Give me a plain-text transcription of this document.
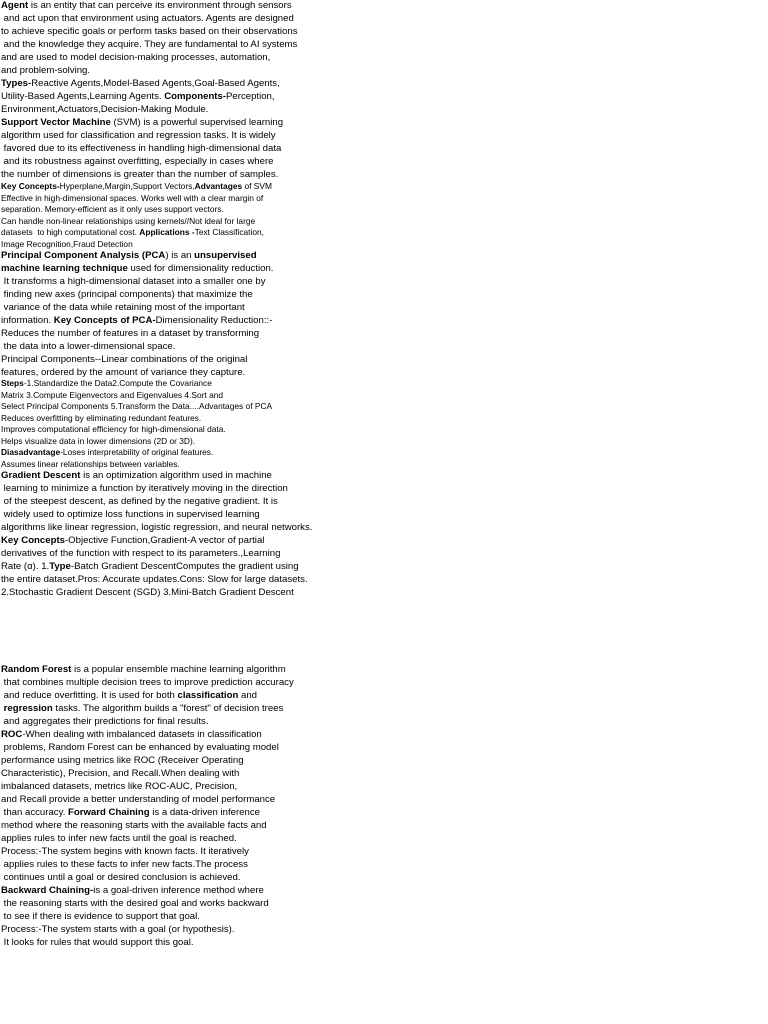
Agent is an entity that can perceive its environment through sensors
and act upon that environment using actuators. Agents are designed
to achieve specific goals or perform tasks based on their observations
and the knowledge they acquire. They are fundamental to AI systems
and are used to model decision-making processes, automation,
and problem-solving.
Types-Reactive Agents,Model-Based Agents,Goal-Based Agents,
Utility-Based Agents,Learning Agents. Components-Perception,
Environment,Actuators,Decision-Making Module.
Support Vector Machine (SVM) is a powerful supervised learning
algorithm used for classification and regression tasks. It is widely
favored due to its effectiveness in handling high-dimensional data
and its robustness against overfitting, especially in cases where
the number of dimensions is greater than the number of samples.
Key Concepts-Hyperplane,Margin,Support Vectors,Advantages of SVM
Effective in high-dimensional spaces. Works well with a clear margin of
separation. Memory-efficient as it only uses support vectors.
Can handle non-linear relationships using kernels//Not ideal for large
datasets  to high computational cost. Applications -Text Classification,
Image Recognition,Fraud Detection
Principal Component Analysis (PCA) is an unsupervised
machine learning technique used for dimensionality reduction.
It transforms a high-dimensional dataset into a smaller one by
finding new axes (principal components) that maximize the
variance of the data while retaining most of the important
information. Key Concepts of PCA-Dimensionality Reduction::-
Reduces the number of features in a dataset by transforming
the data into a lower-dimensional space.
Principal Components--Linear combinations of the original
features, ordered by the amount of variance they capture.
Steps-1.Standardize the Data2.Compute the Covariance
Matrix 3.Compute Eigenvectors and Eigenvalues 4.Sort and
Select Principal Components 5.Transform the Data....Advantages of PCA
Reduces overfitting by eliminating redundant features.
Improves computational efficiency for high-dimensional data.
Helps visualize data in lower dimensions (2D or 3D).
Diasadvantage-Loses interpretability of original features.
Assumes linear relationships between variables.
Gradient Descent is an optimization algorithm used in machine
learning to minimize a function by iteratively moving in the direction
of the steepest descent, as defined by the negative gradient. It is
widely used to optimize loss functions in supervised learning
algorithms like linear regression, logistic regression, and neural networks.
Key Concepts-Objective Function,Gradient-A vector of partial
derivatives of the function with respect to its parameters.,Learning
Rate (α). 1.Type-Batch Gradient DescentComputes the gradient using
the entire dataset.Pros: Accurate updates.Cons: Slow for large datasets.
2.Stochastic Gradient Descent (SGD) 3.Mini-Batch Gradient Descent
Random Forest is a popular ensemble machine learning algorithm
that combines multiple decision trees to improve prediction accuracy
and reduce overfitting. It is used for both classification and
regression tasks. The algorithm builds a "forest" of decision trees
and aggregates their predictions for final results.
ROC-When dealing with imbalanced datasets in classification
problems, Random Forest can be enhanced by evaluating model
performance using metrics like ROC (Receiver Operating
Characteristic), Precision, and Recall.When dealing with
imbalanced datasets, metrics like ROC-AUC, Precision,
and Recall provide a better understanding of model performance
than accuracy. Forward Chaining is a data-driven inference
method where the reasoning starts with the available facts and
applies rules to infer new facts until the goal is reached.
Process:-The system begins with known facts. It iteratively
applies rules to these facts to infer new facts.The process
continues until a goal or desired conclusion is achieved.
Backward Chaining-is a goal-driven inference method where
the reasoning starts with the desired goal and works backward
to see if there is evidence to support that goal.
Process:-The system starts with a goal (or hypothesis).
It looks for rules that would support this goal.
